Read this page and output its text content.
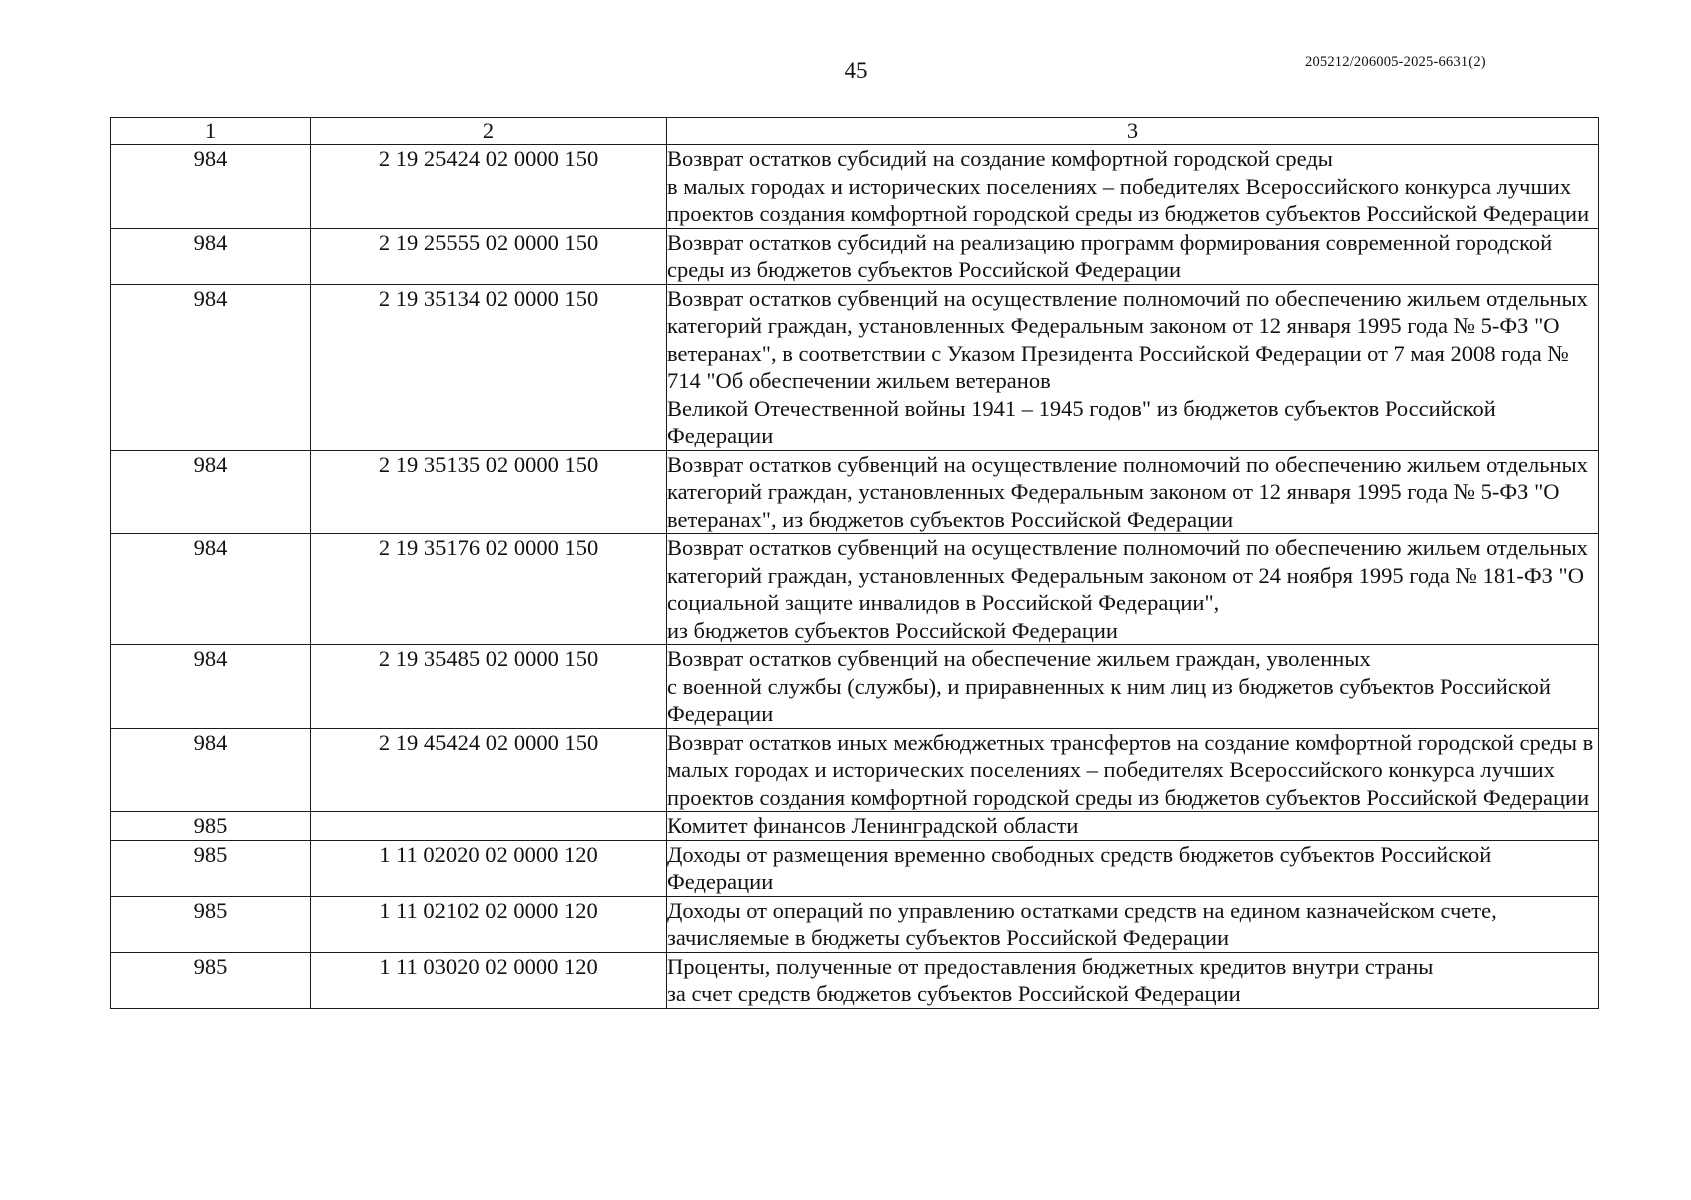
45	205212/206005-2025-6631(2)
1	2	3
984	2 19 25424 02 0000 150	Возврат остатков субсидий на создание комфортной городской среды
в малых городах и исторических поселениях – победителях Всероссийского конкурса лучших проектов создания комфортной городской среды из бюджетов субъектов Российской Федерации
984	2 19 25555 02 0000 150	Возврат остатков субсидий на реализацию программ формирования современной городской среды из бюджетов субъектов Российской Федерации
984	2 19 35134 02 0000 150	Возврат остатков субвенций на осуществление полномочий по обеспечению жильем отдельных категорий граждан, установленных Федеральным законом от 12 января 1995 года № 5-ФЗ "О ветеранах", в соответствии с Указом Президента Российской Федерации от 7 мая 2008 года № 714 "Об обеспечении жильем ветеранов
Великой Отечественной войны 1941 – 1945 годов" из бюджетов субъектов Российской Федерации
984	2 19 35135 02 0000 150	Возврат остатков субвенций на осуществление полномочий по обеспечению жильем отдельных категорий граждан, установленных Федеральным законом от 12 января 1995 года № 5-ФЗ "О ветеранах", из бюджетов субъектов Российской Федерации
984	2 19 35176 02 0000 150	Возврат остатков субвенций на осуществление полномочий по обеспечению жильем отдельных категорий граждан, установленных Федеральным законом от 24 ноября 1995 года № 181-ФЗ "О социальной защите инвалидов в Российской Федерации",
из бюджетов субъектов Российской Федерации
984	2 19 35485 02 0000 150	Возврат остатков субвенций на обеспечение жильем граждан, уволенных
с военной службы (службы), и приравненных к ним лиц из бюджетов субъектов Российской Федерации
984	2 19 45424 02 0000 150	Возврат остатков иных межбюджетных трансфертов на создание комфортной городской среды в малых городах и исторических поселениях – победителях Всероссийского конкурса лучших проектов создания комфортной городской среды из бюджетов субъектов Российской Федерации
985		Комитет финансов Ленинградской области
985	1 11 02020 02 0000 120	Доходы от размещения временно свободных средств бюджетов субъектов Российской Федерации
985	1 11 02102 02 0000 120	Доходы от операций по управлению остатками средств на едином казначейском счете, зачисляемые в бюджеты субъектов Российской Федерации
985	1 11 03020 02 0000 120	Проценты, полученные от предоставления бюджетных кредитов внутри страны
за счет средств бюджетов субъектов Российской Федерации
